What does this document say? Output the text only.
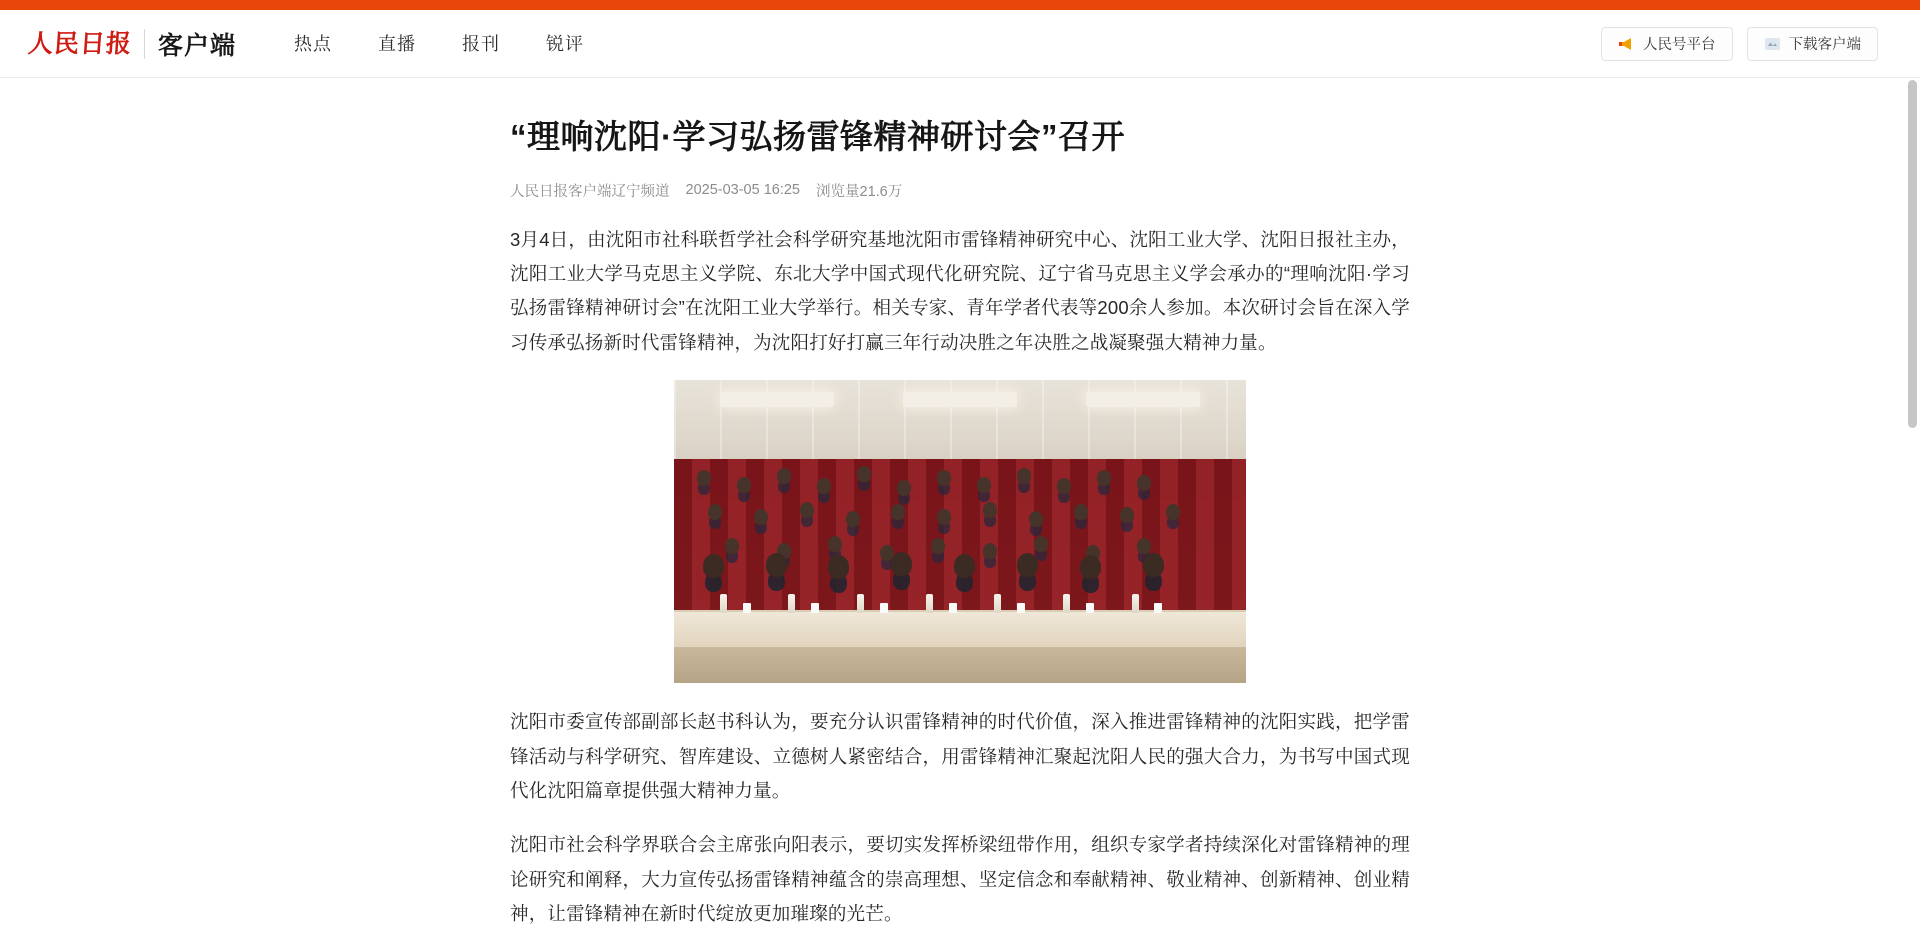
人民日报 客户端	热点	直播	报刊	锐评	人民号平台	下载客户端
“理响沈阳·学习弘扬雷锋精神研讨会”召开
人民日报客户端辽宁频道 2025-03-05 16:25 浏览量21.6万

3月4日，由沈阳市社科联哲学社会科学研究基地沈阳市雷锋精神研究中心、沈阳工业大学、沈阳日报社主办，沈阳工业大学马克思主义学院、东北大学中国式现代化研究院、辽宁省马克思主义学会承办的“理响沈阳·学习弘扬雷锋精神研讨会”在沈阳工业大学举行。相关专家、青年学者代表等200余人参加。本次研讨会旨在深入学习传承弘扬新时代雷锋精神，为沈阳打好打赢三年行动决胜之年决胜之战凝聚强大精神力量。

沈阳市委宣传部副部长赵书科认为，要充分认识雷锋精神的时代价值，深入推进雷锋精神的沈阳实践，把学雷锋活动与科学研究、智库建设、立德树人紧密结合，用雷锋精神汇聚起沈阳人民的强大合力，为书写中国式现代化沈阳篇章提供强大精神力量。

沈阳市社会科学界联合会主席张向阳表示，要切实发挥桥梁纽带作用，组织专家学者持续深化对雷锋精神的理论研究和阐释，大力宣传弘扬雷锋精神蕴含的崇高理想、坚定信念和奉献精神、敬业精神、创新精神、创业精神，让雷锋精神在新时代绽放更加璀璨的光芒。
